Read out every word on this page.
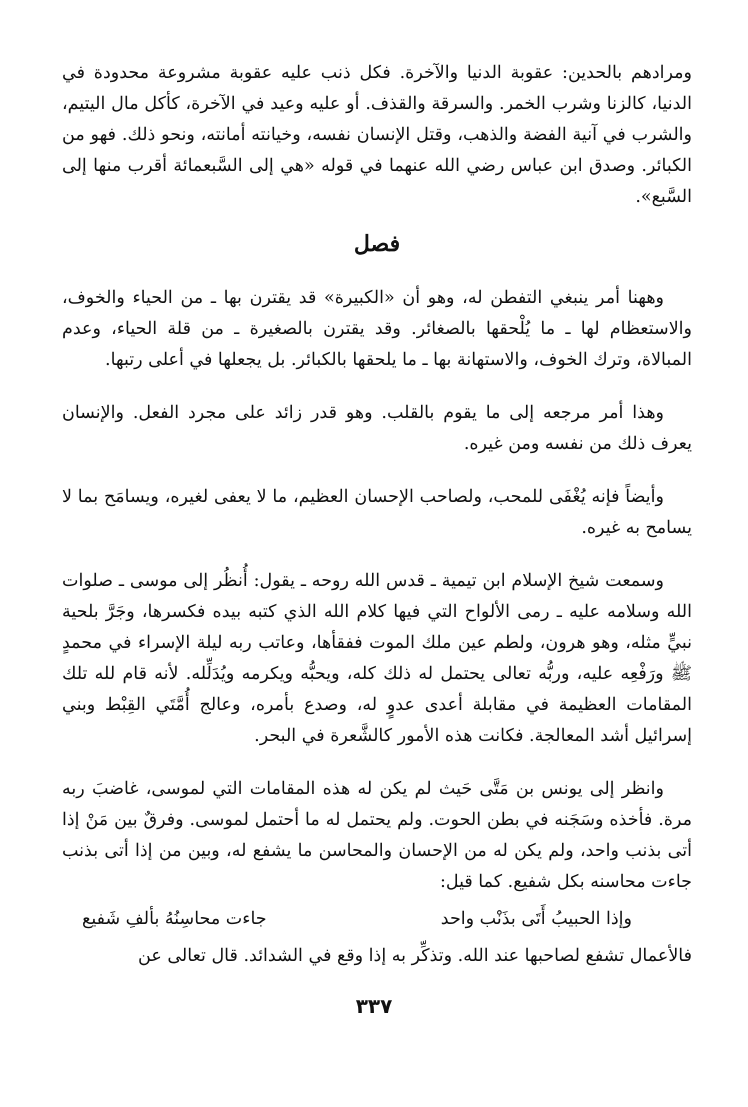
ومرادهم بالحدين: عقوبة الدنيا والآخرة. فكل ذنب عليه عقوبة مشروعة محدودة في الدنيا، كالزنا وشرب الخمر. والسرقة والقذف. أو عليه وعيد في الآخرة، كأكل مال اليتيم، والشرب في آنية الفضة والذهب، وقتل الإنسان نفسه، وخيانته أمانته، ونحو ذلك. فهو من الكبائر. وصدق ابن عباس رضي الله عنهما في قوله «هي إلى السَّبعمائة أقرب منها إلى السَّبع».

فصل

وههنا أمر ينبغي التفطن له، وهو أن «الكبيرة» قد يقترن بها ـ من الحياء والخوف، والاستعظام لها ـ ما يُلْحقها بالصغائر. وقد يقترن بالصغيرة ـ من قلة الحياء، وعدم المبالاة، وترك الخوف، والاستهانة بها ـ ما يلحقها بالكبائر. بل يجعلها في أعلى رتبها.

وهذا أمر مرجعه إلى ما يقوم بالقلب. وهو قدر زائد على مجرد الفعل. والإنسان يعرف ذلك من نفسه ومن غيره.

وأيضاً فإنه يُغْفَى للمحب، ولصاحب الإحسان العظيم، ما لا يعفى لغيره، ويسامَح بما لا يسامح به غيره.

وسمعت شيخ الإسلام ابن تيمية ـ قدس الله روحه ـ يقول: أُنظُر إلى موسى ـ صلوات الله وسلامه عليه ـ رمى الألواح التي فيها كلام الله الذي كتبه بيده فكسرها، وجَرَّ بلحية نبيٍّ مثله، وهو هرون، ولطم عين ملك الموت ففقأها، وعاتب ربه ليلة الإسراء في محمدٍ ﷺ ورَفْعِه عليه، وربُّه تعالى يحتمل له ذلك كله، ويحبُّه ويكرمه ويُدَلِّله. لأنه قام لله تلك المقامات العظيمة في مقابلة أعدى عدوٍ له، وصدع بأمره، وعالج أُمَّتَي القِبْط وبني إسرائيل أشد المعالجة. فكانت هذه الأمور كالشَّعرة في البحر.

وانظر إلى يونس بن مَتَّى حَيث لم يكن له هذه المقامات التي لموسى، غاضبَ ربه مرة. فأخذه وسَجَنه في بطن الحوت. ولم يحتمل له ما أحتمل لموسى. وفرقٌ بين مَنْ إذا أتى بذنب واحد، ولم يكن له من الإحسان والمحاسن ما يشفع له، وبين من إذا أتى بذنب جاءت محاسنه بكل شفيع. كما قيل:

وإذا الحبيبُ أَتَى بذَنْب واحد
جاءت محاسِنُهُ بألفِ شَفيع

فالأعمال تشفع لصاحبها عند الله. وتذكِّر به إذا وقع في الشدائد. قال تعالى عن

٣٣٧
